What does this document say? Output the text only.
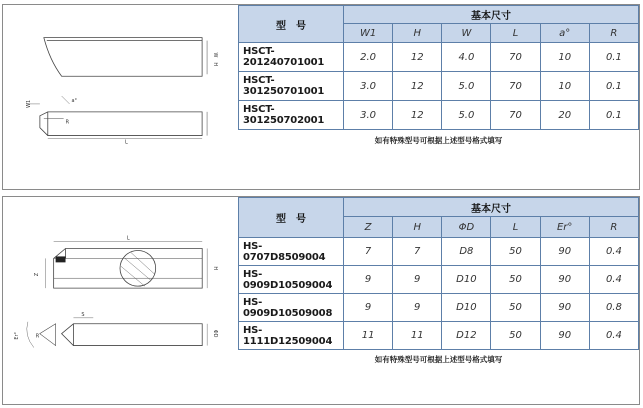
W
H
L
W1	a°
R
型　号	基本尺寸					
	W1	H	W	L	a°	R
HSCT-201240701001	2.0	12	4.0	70	10	0.1
HSCT-301250701001	3.0	12	5.0	70	10	0.1
HSCT-301250702001	3.0	12	5.0	70	20	0.1
如有特殊型号可根据上述型号格式填写						
L
Z
H
S
R
Er°	ΦD
型　号	基本尺寸					
	Z	H	ΦD	L	Er°	R
HS-0707D8509004	7	7	D8	50	90	0.4
HS-0909D10509004	9	9	D10	50	90	0.4
HS-0909D10509008	9	9	D10	50	90	0.8
HS-1111D12509004	11	11	D12	50	90	0.4
如有特殊型号可根据上述型号格式填写						
